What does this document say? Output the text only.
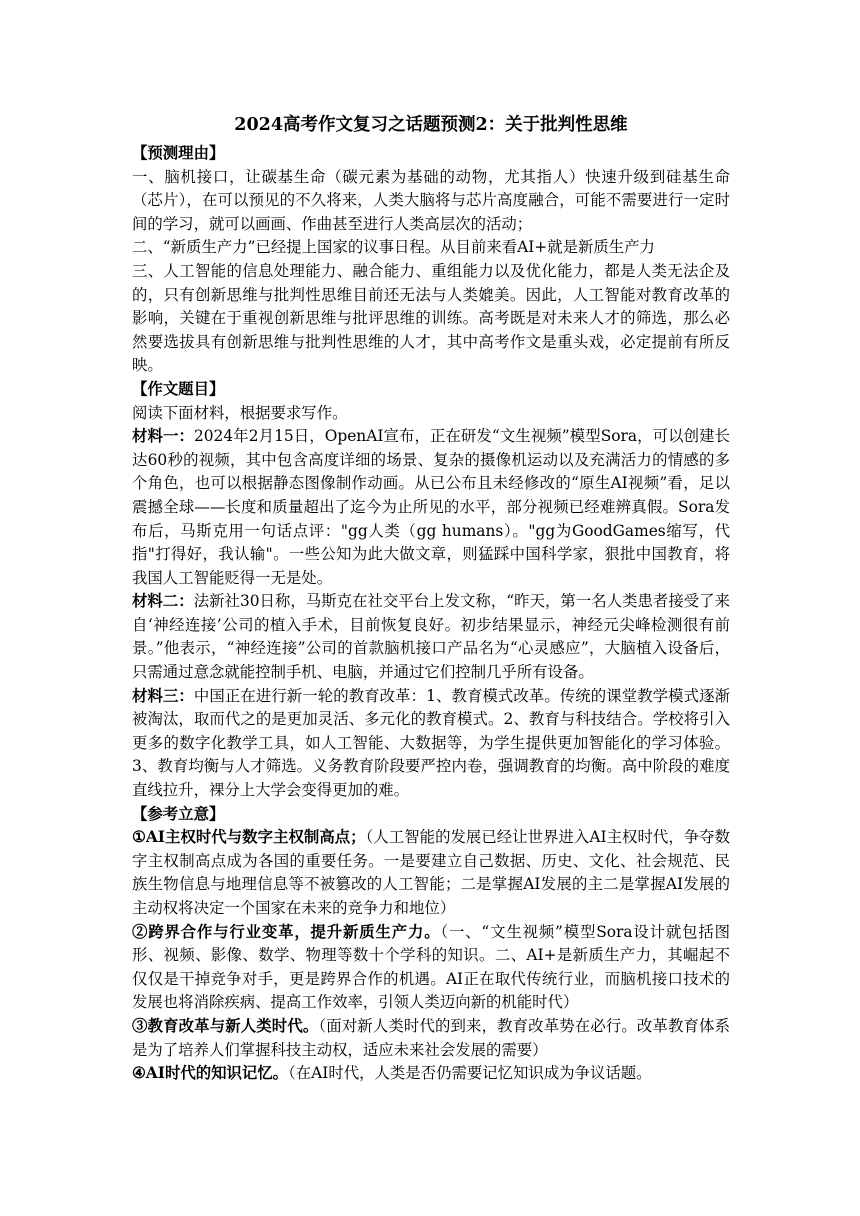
2024高考作文复习之话题预测2：关于批判性思维
【预测理由】

一、脑机接口，让碳基生命（碳元素为基础的动物，尤其指人）快速升级到硅基生命（芯片），在可以预见的不久将来，人类大脑将与芯片高度融合，可能不需要进行一定时间的学习，就可以画画、作曲甚至进行人类高层次的活动；

二、“新质生产力”已经提上国家的议事日程。从目前来看AI+就是新质生产力

三、人工智能的信息处理能力、融合能力、重组能力以及优化能力，都是人类无法企及的，只有创新思维与批判性思维目前还无法与人类媲美。因此，人工智能对教育改革的影响，关键在于重视创新思维与批评思维的训练。高考既是对未来人才的筛选，那么必然要选拔具有创新思维与批判性思维的人才，其中高考作文是重头戏，必定提前有所反映。

【作文题目】

阅读下面材料，根据要求写作。

材料一：2024年2月15日，OpenAI宣布，正在研发“文生视频”模型Sora，可以创建长达60秒的视频，其中包含高度详细的场景、复杂的摄像机运动以及充满活力的情感的多个角色，也可以根据静态图像制作动画。从已公布且未经修改的“原生AI视频”看，足以震撼全球——长度和质量超出了迄今为止所见的水平，部分视频已经难辨真假。Sora发布后，马斯克用一句话点评："gg人类（gg humans）。"gg为GoodGames缩写，代指"打得好，我认输"。一些公知为此大做文章，则猛踩中国科学家，狠批中国教育，将我国人工智能贬得一无是处。

材料二：法新社30日称，马斯克在社交平台上发文称，“昨天，第一名人类患者接受了来自‘神经连接’公司的植入手术，目前恢复良好。初步结果显示，神经元尖峰检测很有前景。”他表示，“神经连接”公司的首款脑机接口产品名为“心灵感应”，大脑植入设备后，只需通过意念就能控制手机、电脑，并通过它们控制几乎所有设备。

材料三：中国正在进行新一轮的教育改革：1、教育模式改革。传统的课堂教学模式逐渐被淘汰，取而代之的是更加灵活、多元化的教育模式。2、教育与科技结合。学校将引入更多的数字化教学工具，如人工智能、大数据等，为学生提供更加智能化的学习体验。3、教育均衡与人才筛选。义务教育阶段要严控内卷，强调教育的均衡。高中阶段的难度直线拉升，裸分上大学会变得更加的难。

【参考立意】

①AI主权时代与数字主权制高点；（人工智能的发展已经让世界进入AI主权时代，争夺数字主权制高点成为各国的重要任务。一是要建立自己数据、历史、文化、社会规范、民族生物信息与地理信息等不被篡改的人工智能；二是掌握AI发展的主二是掌握AI发展的主动权将决定一个国家在未来的竞争力和地位）

②跨界合作与行业变革，提升新质生产力。（一、“文生视频”模型Sora设计就包括图形、视频、影像、数学、物理等数十个学科的知识。二、AI+是新质生产力，其崛起不仅仅是干掉竞争对手，更是跨界合作的机遇。AI正在取代传统行业，而脑机接口技术的发展也将消除疾病、提高工作效率，引领人类迈向新的机能时代）

③教育改革与新人类时代。（面对新人类时代的到来，教育改革势在必行。改革教育体系是为了培养人们掌握科技主动权，适应未来社会发展的需要）

④AI时代的知识记忆。（在AI时代，人类是否仍需要记忆知识成为争议话题。
